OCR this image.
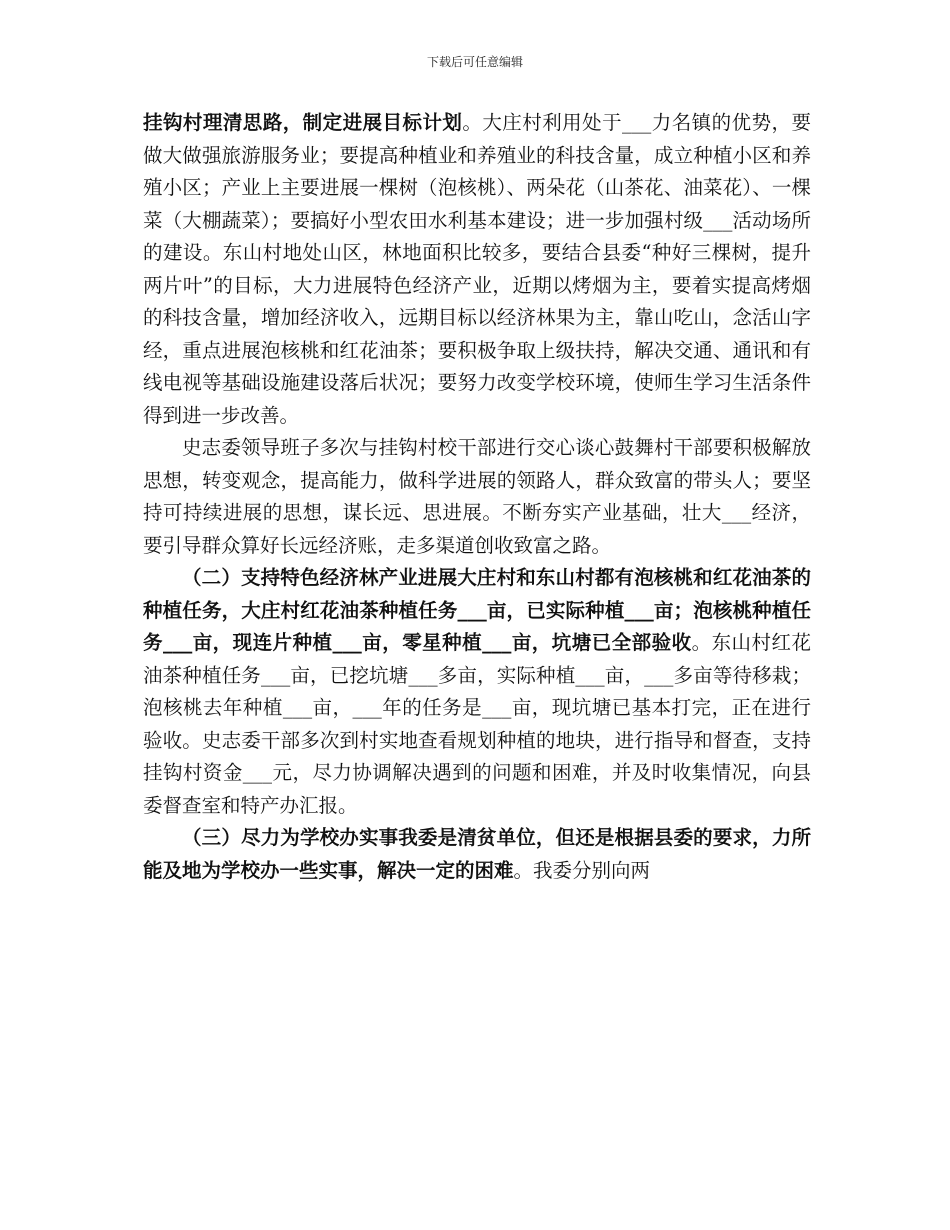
下载后可任意编辑

挂钩村理清思路，制定进展目标计划。大庄村利用处于___力名镇的优势，要做大做强旅游服务业；要提高种植业和养殖业的科技含量，成立种植小区和养殖小区；产业上主要进展一棵树（泡核桃）、两朵花（山茶花、油菜花）、一棵菜（大棚蔬菜）；要搞好小型农田水利基本建设；进一步加强村级___活动场所的建设。东山村地处山区，林地面积比较多，要结合县委“种好三棵树，提升两片叶”的目标，大力进展特色经济产业，近期以烤烟为主，要着实提高烤烟的科技含量，增加经济收入，远期目标以经济林果为主，靠山吃山，念活山字经，重点进展泡核桃和红花油茶；要积极争取上级扶持，解决交通、通讯和有线电视等基础设施建设落后状况；要努力改变学校环境，使师生学习生活条件得到进一步改善。

史志委领导班子多次与挂钩村校干部进行交心谈心鼓舞村干部要积极解放思想，转变观念，提高能力，做科学进展的领路人，群众致富的带头人；要坚持可持续进展的思想，谋长远、思进展。不断夯实产业基础，壮大___经济，要引导群众算好长远经济账，走多渠道创收致富之路。

（二）支持特色经济林产业进展大庄村和东山村都有泡核桃和红花油茶的种植任务，大庄村红花油茶种植任务___亩，已实际种植___亩；泡核桃种植任务___亩，现连片种植___亩，零星种植___亩，坑塘已全部验收。东山村红花油茶种植任务___亩，已挖坑塘___多亩，实际种植___亩，___多亩等待移栽；泡核桃去年种植___亩，___年的任务是___亩，现坑塘已基本打完，正在进行验收。史志委干部多次到村实地查看规划种植的地块，进行指导和督查，支持挂钩村资金___元，尽力协调解决遇到的问题和困难，并及时收集情况，向县委督查室和特产办汇报。

（三）尽力为学校办实事我委是清贫单位，但还是根据县委的要求，力所能及地为学校办一些实事，解决一定的困难。我委分别向两
